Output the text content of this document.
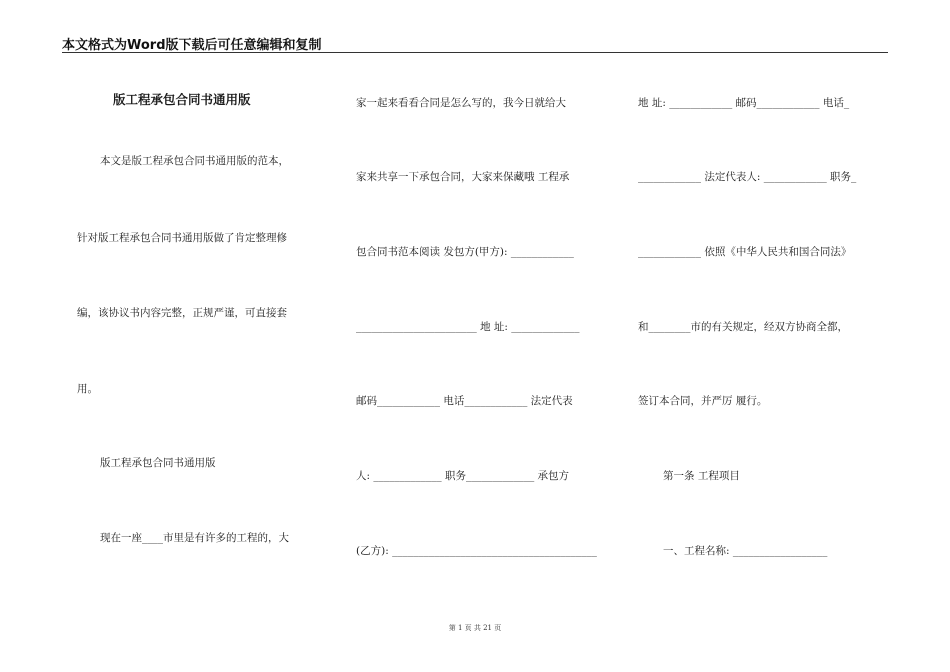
本文格式为Word版下载后可任意编辑和复制
版工程承包合同书通用版
本文是版工程承包合同书通用版的范本，
针对版工程承包合同书通用版做了肯定整理修
编，该协议书内容完整，正规严谨，可直接套
用。
版工程承包合同书通用版
现在一座____市里是有许多的工程的，大
家一起来看看合同是怎么写的，我今日就给大
家来共享一下承包合同，大家来保藏哦 工程承
包合同书范本阅读 发包方(甲方): ____________
_______________________ 地 址: _____________
邮码____________ 电话____________ 法定代表
人: _____________ 职务_____________ 承包方
(乙方): _______________________________________
地 址: ____________ 邮码____________ 电话_
____________ 法定代表人: ____________ 职务_
____________ 依照《中华人民共和国合同法》
和________市的有关规定，经双方协商全都，
签订本合同，并严厉 履行。
第一条 工程项目
一、工程名称: __________________
第 1 页 共 21 页
